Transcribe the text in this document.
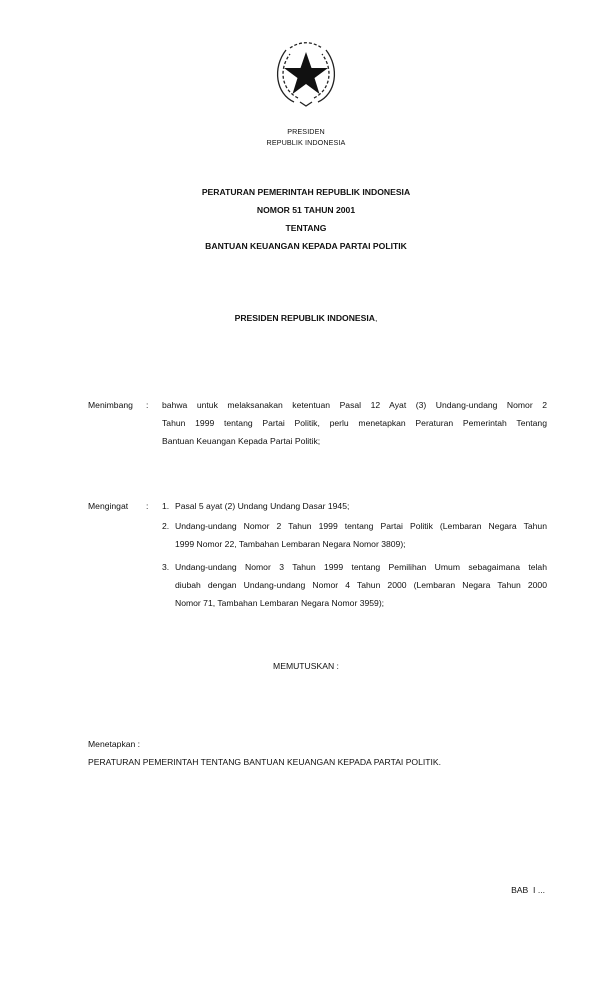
PRESIDEN
REPUBLIK INDONESIA
PERATURAN PEMERINTAH REPUBLIK INDONESIA
NOMOR 51 TAHUN 2001
TENTANG
BANTUAN KEUANGAN KEPADA PARTAI POLITIK
PRESIDEN REPUBLIK INDONESIA,
Menimbang : bahwa untuk melaksanakan ketentuan Pasal 12 Ayat (3) Undang-undang Nomor 2
Tahun 1999 tentang Partai Politik, perlu menetapkan Peraturan Pemerintah Tentang
Bantuan Keuangan Kepada Partai Politik;
Mengingat : 1. Pasal 5 ayat (2) Undang Undang Dasar 1945;
2. Undang-undang Nomor 2 Tahun 1999 tentang Partai Politik (Lembaran Negara Tahun
1999 Nomor 22, Tambahan Lembaran Negara Nomor 3809);
3. Undang-undang Nomor 3 Tahun 1999 tentang Pemilihan Umum sebagaimana telah
diubah dengan Undang-undang Nomor 4 Tahun 2000 (Lembaran Negara Tahun 2000
Nomor 71, Tambahan Lembaran Negara Nomor 3959);
MEMUTUSKAN :
Menetapkan :
PERATURAN PEMERINTAH TENTANG BANTUAN KEUANGAN KEPADA PARTAI POLITIK.
BAB  I ...
